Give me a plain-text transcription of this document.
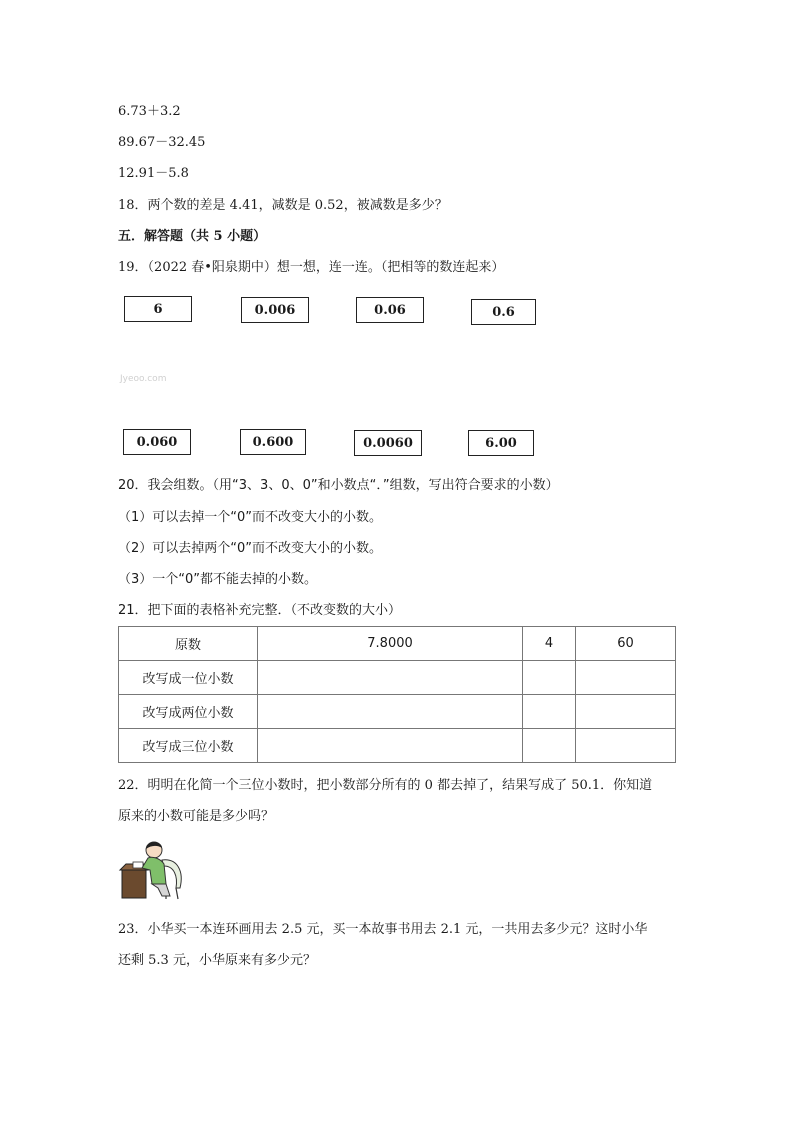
6.73＋3.2
89.67－32.45
12.91－5.8
18．两个数的差是 4.41，减数是 0.52，被减数是多少？
五．解答题（共 5 小题）
19．（2022 春•阳泉期中）想一想，连一连。（把相等的数连起来）
6	0.006	0.06	0.6
Jyeoo.com
0.060	0.600	0.0060	6.00
20．我会组数。（用“3、3、0、0”和小数点“．”组数，写出符合要求的小数）
（1）可以去掉一个“0”而不改变大小的小数。
（2）可以去掉两个“0”而不改变大小的小数。
（3）一个“0”都不能去掉的小数。
21．把下面的表格补充完整．（不改变数的大小）
原数	7.8000	4	60
改写成一位小数			
改写成两位小数			
改写成三位小数			
22．明明在化简一个三位小数时，把小数部分所有的 0 都去掉了，结果写成了 50.1．你知道
原来的小数可能是多少吗？
23．小华买一本连环画用去 2.5 元，买一本故事书用去 2.1 元，一共用去多少元？这时小华
还剩 5.3 元，小华原来有多少元？
